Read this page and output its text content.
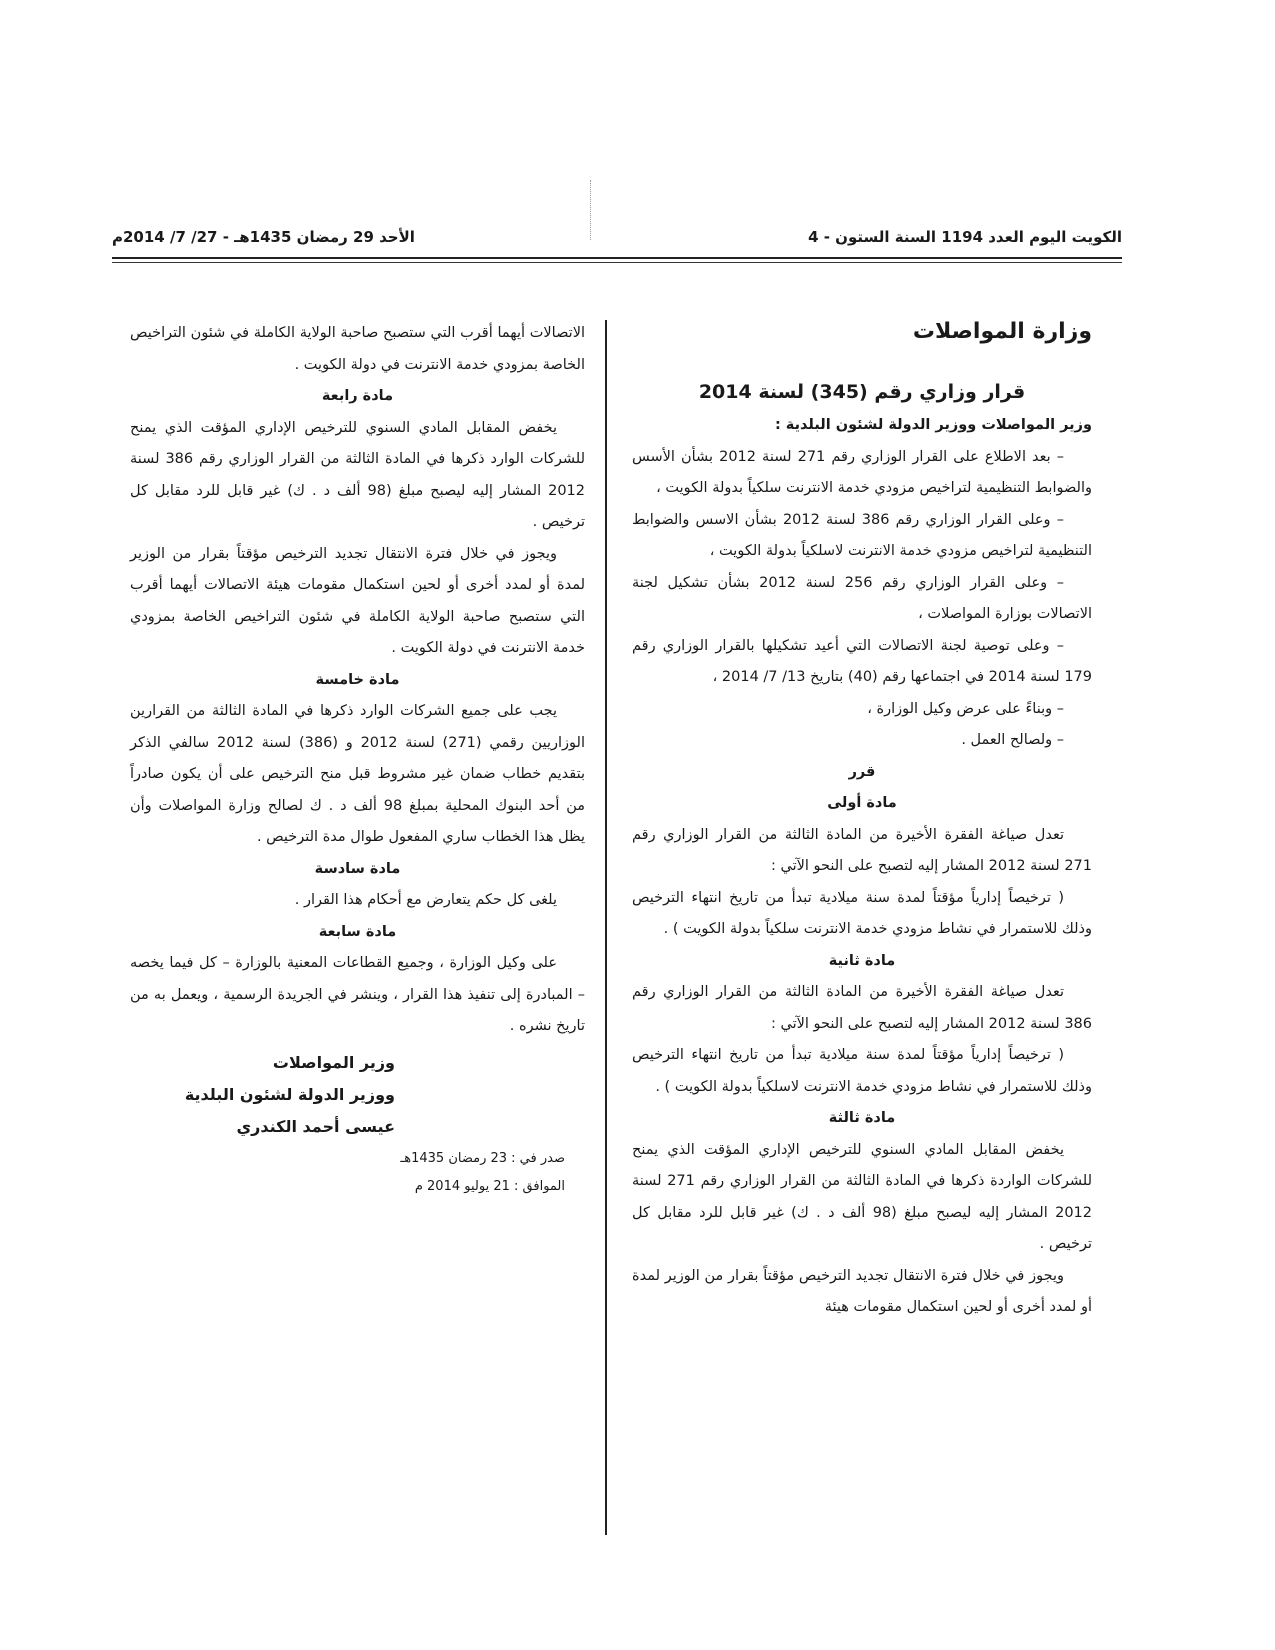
الأحد 29 رمضان 1435هـ - 27/ 7/ 2014م	الكويت اليوم العدد 1194 السنة الستون - 4
وزارة المواصلات
قرار وزاري رقم (345) لسنة 2014

وزير المواصلات ووزير الدولة لشئون البلدية :

– بعد الاطلاع على القرار الوزاري رقم 271 لسنة 2012 بشأن الأسس والضوابط التنظيمية لتراخيص مزودي خدمة الانترنت سلكياً بدولة الكويت ،

– وعلى القرار الوزاري رقم 386 لسنة 2012 بشأن الاسس والضوابط التنظيمية لتراخيص مزودي خدمة الانترنت لاسلكياً بدولة الكويت ،

– وعلى القرار الوزاري رقم 256 لسنة 2012 بشأن تشكيل لجنة الاتصالات بوزارة المواصلات ،

– وعلى توصية لجنة الاتصالات التي أعيد تشكيلها بالقرار الوزاري رقم 179 لسنة 2014 في اجتماعها رقم (40) بتاريخ 13/ 7/ 2014 ،

– وبناءً على عرض وكيل الوزارة ،

– ولصالح العمل .

قرر

مادة أولى

تعدل صياغة الفقرة الأخيرة من المادة الثالثة من القرار الوزاري رقم 271 لسنة 2012 المشار إليه لتصبح على النحو الآتي :

( ترخيصاً إدارياً مؤقتاً لمدة سنة ميلادية تبدأ من تاريخ انتهاء الترخيص وذلك للاستمرار في نشاط مزودي خدمة الانترنت سلكياً بدولة الكويت ) .

مادة ثانية

تعدل صياغة الفقرة الأخيرة من المادة الثالثة من القرار الوزاري رقم 386 لسنة 2012 المشار إليه لتصبح على النحو الآتي :

( ترخيصاً إدارياً مؤقتاً لمدة سنة ميلادية تبدأ من تاريخ انتهاء الترخيص وذلك للاستمرار في نشاط مزودي خدمة الانترنت لاسلكياً بدولة الكويت ) .

مادة ثالثة

يخفض المقابل المادي السنوي للترخيص الإداري المؤقت الذي يمنح للشركات الواردة ذكرها في المادة الثالثة من القرار الوزاري رقم 271 لسنة 2012 المشار إليه ليصبح مبلغ (98 ألف د . ك) غير قابل للرد مقابل كل ترخيص .

ويجوز في خلال فترة الانتقال تجديد الترخيص مؤقتاً بقرار من الوزير لمدة أو لمدد أخرى أو لحين استكمال مقومات هيئة

الاتصالات أيهما أقرب التي ستصبح صاحبة الولاية الكاملة في شئون التراخيص الخاصة بمزودي خدمة الانترنت في دولة الكويت .

مادة رابعة

يخفض المقابل المادي السنوي للترخيص الإداري المؤقت الذي يمنح للشركات الوارد ذكرها في المادة الثالثة من القرار الوزاري رقم 386 لسنة 2012 المشار إليه ليصبح مبلغ (98 ألف د . ك) غير قابل للرد مقابل كل ترخيص .

ويجوز في خلال فترة الانتقال تجديد الترخيص مؤقتاً بقرار من الوزير لمدة أو لمدد أخرى أو لحين استكمال مقومات هيئة الاتصالات أيهما أقرب التي ستصبح صاحبة الولاية الكاملة في شئون التراخيص الخاصة بمزودي خدمة الانترنت في دولة الكويت .

مادة خامسة

يجب على جميع الشركات الوارد ذكرها في المادة الثالثة من القرارين الوزاريين رقمي (271) لسنة 2012 و (386) لسنة 2012 سالفي الذكر بتقديم خطاب ضمان غير مشروط قبل منح الترخيص على أن يكون صادراً من أحد البنوك المحلية بمبلغ 98 ألف د . ك لصالح وزارة المواصلات وأن يظل هذا الخطاب ساري المفعول طوال مدة الترخيص .

مادة سادسة

يلغى كل حكم يتعارض مع أحكام هذا القرار .

مادة سابعة

على وكيل الوزارة ، وجميع القطاعات المعنية بالوزارة – كل فيما يخصه – المبادرة إلى تنفيذ هذا القرار ، وينشر في الجريدة الرسمية ، ويعمل به من تاريخ نشره .

وزير المواصلات
ووزير الدولة لشئون البلدية
عيسى أحمد الكندري
صدر في : 23 رمضان 1435هـ
الموافق : 21 يوليو 2014 م
